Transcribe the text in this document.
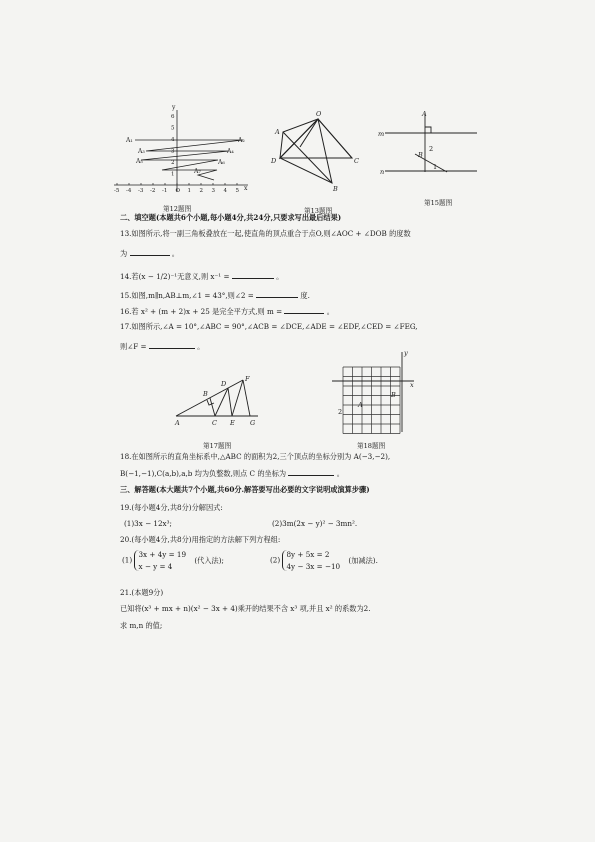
y
x
A₁	A₂
A₃	A₄
A₅	A₆
A₇
-5 -4 -3 -2 -1 O 1 2 3 4 5
1
2
3
4
5
6
第12题图
O
A
D	C
B
第13题图
A
m
B
2
n
1
第15题图
二、填空题(本题共6个小题,每小题4分,共24分,只要求写出最后结果)
13.如图所示,将一副三角板叠放在一起,使直角的顶点重合于点O,则∠AOC + ∠DOB 的度数
为	。
14.若(x − 1/2)⁻¹无意义,则 x⁻¹ =	。
15.如图,m∥n,AB⊥m,∠1 = 43°,则∠2 =	度.
16.若 x² + (m + 2)x + 25 是完全平方式,则 m =	。
17.如图所示,∠A = 10°,∠ABC = 90°,∠ACB = ∠DCE,∠ADE = ∠EDF,∠CED = ∠FEG,
则∠F =	。
A
B
C
D
E
F
G
第17题图
y
x
B
A
2
第18题图
18.在如图所示的直角坐标系中,△ABC 的面积为2,三个顶点的坐标分别为 A(−3,−2),
B(−1,−1),C(a,b),a,b 均为负整数,则点 C 的坐标为	。
三、解答题(本大题共7个小题,共60分.解答要写出必要的文字说明或演算步骤)
19.(每小题4分,共8分)分解因式:
(1)3x − 12x³;	(2)3m(2x − y)² − 3mn².
20.(每小题4分,共8分)用指定的方法解下列方程组:
(1)
3x + 4y = 19
x − y = 4
(代入法);	(2)
8y + 5x = 2
4y − 3x = −10
(加减法).
21.(本题9分)
已知将(x³ + mx + n)(x² − 3x + 4)乘开的结果不含 x³ 项,并且 x² 的系数为2.
求 m,n 的值;
